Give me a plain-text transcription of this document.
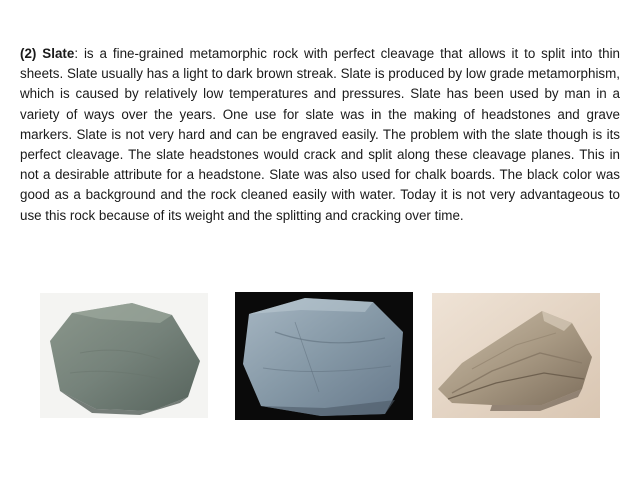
(2) Slate: is a fine-grained metamorphic rock with perfect cleavage that allows it to split into thin sheets. Slate usually has a light to dark brown streak. Slate is produced by low grade metamorphism, which is caused by relatively low temperatures and pressures. Slate has been used by man in a variety of ways over the years. One use for slate was in the making of headstones and grave markers. Slate is not very hard and can be engraved easily. The problem with the slate though is its perfect cleavage. The slate headstones would crack and split along these cleavage planes. This in not a desirable attribute for a headstone. Slate was also used for chalk boards. The black color was good as a background and the rock cleaned easily with water. Today it is not very advantageous to use this rock because of its weight and the splitting and cracking over time.
